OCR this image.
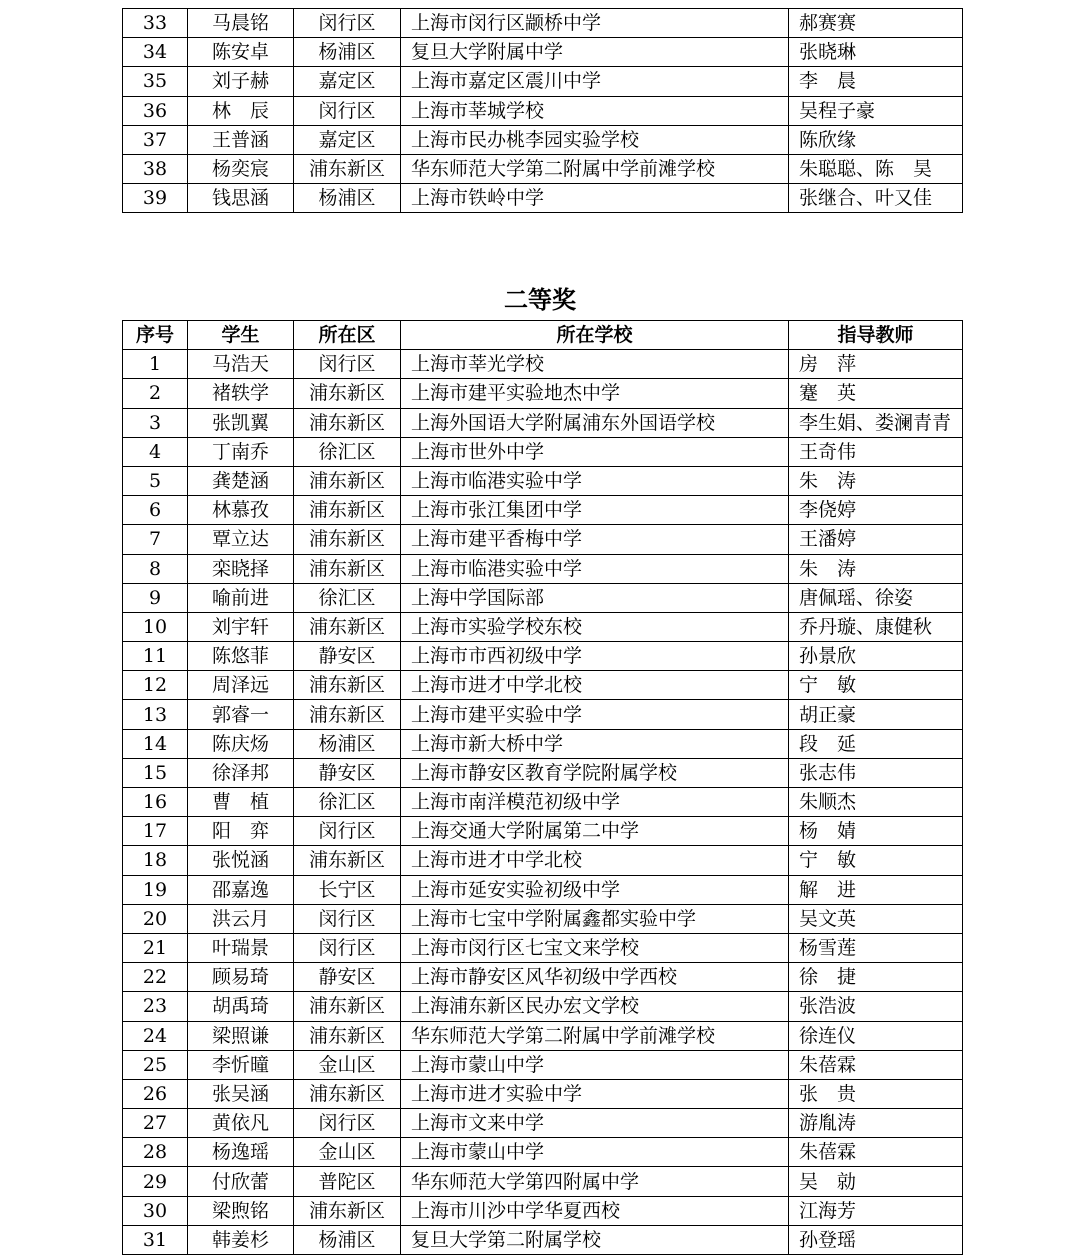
33	马晨铭	闵行区	上海市闵行区颛桥中学	郝赛赛
34	陈安卓	杨浦区	复旦大学附属中学	张晓琳
35	刘子赫	嘉定区	上海市嘉定区震川中学	李　晨
36	林　辰	闵行区	上海市莘城学校	吴程子豪
37	王普涵	嘉定区	上海市民办桃李园实验学校	陈欣缘
38	杨奕宸	浦东新区	华东师范大学第二附属中学前滩学校	朱聪聪、陈　昊
39	钱思涵	杨浦区	上海市铁岭中学	张继合、叶又佳
二等奖
序号	学生	所在区	所在学校	指导教师
1	马浩天	闵行区	上海市莘光学校	房　萍
2	褚轶学	浦东新区	上海市建平实验地杰中学	蹇　英
3	张凯翼	浦东新区	上海外国语大学附属浦东外国语学校	李生娟、娄澜青青
4	丁南乔	徐汇区	上海市世外中学	王奇伟
5	龚楚涵	浦东新区	上海市临港实验中学	朱　涛
6	林慕孜	浦东新区	上海市张江集团中学	李侥婷
7	覃立达	浦东新区	上海市建平香梅中学	王潘婷
8	栾晓择	浦东新区	上海市临港实验中学	朱　涛
9	喻前进	徐汇区	上海中学国际部	唐佩瑶、徐姿
10	刘宇轩	浦东新区	上海市实验学校东校	乔丹璇、康健秋
11	陈悠菲	静安区	上海市市西初级中学	孙景欣
12	周泽远	浦东新区	上海市进才中学北校	宁　敏
13	郭睿一	浦东新区	上海市建平实验中学	胡正豪
14	陈庆炀	杨浦区	上海市新大桥中学	段　延
15	徐泽邦	静安区	上海市静安区教育学院附属学校	张志伟
16	曹　植	徐汇区	上海市南洋模范初级中学	朱顺杰
17	阳　弈	闵行区	上海交通大学附属第二中学	杨　婧
18	张悦涵	浦东新区	上海市进才中学北校	宁　敏
19	邵嘉逸	长宁区	上海市延安实验初级中学	解　进
20	洪云月	闵行区	上海市七宝中学附属鑫都实验中学	吴文英
21	叶瑞景	闵行区	上海市闵行区七宝文来学校	杨雪莲
22	顾易琦	静安区	上海市静安区风华初级中学西校	徐　捷
23	胡禹琦	浦东新区	上海浦东新区民办宏文学校	张浩波
24	梁照谦	浦东新区	华东师范大学第二附属中学前滩学校	徐连仪
25	李忻曈	金山区	上海市蒙山中学	朱蓓霖
26	张吴涵	浦东新区	上海市进才实验中学	张　贵
27	黄依凡	闵行区	上海市文来中学	游胤涛
28	杨逸瑶	金山区	上海市蒙山中学	朱蓓霖
29	付欣蕾	普陀区	华东师范大学第四附属中学	吴　勍
30	梁煦铭	浦东新区	上海市川沙中学华夏西校	江海芳
31	韩姜杉	杨浦区	复旦大学第二附属学校	孙登瑶
